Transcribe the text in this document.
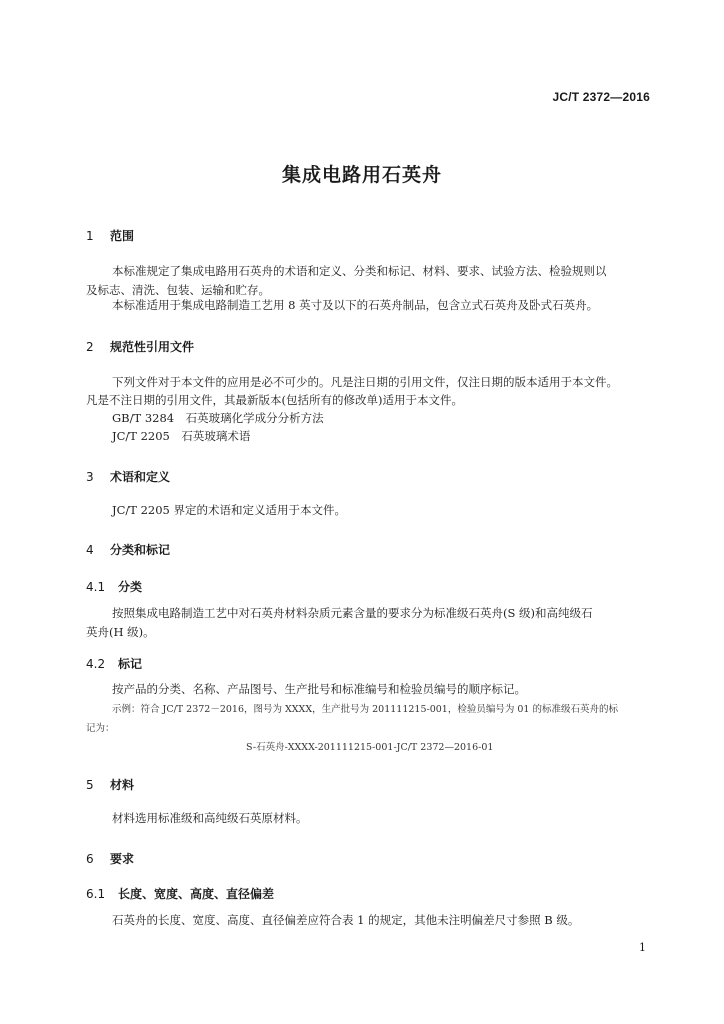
JC/T 2372—2016
集成电路用石英舟
1 范围
本标准规定了集成电路用石英舟的术语和定义、分类和标记、材料、要求、试验方法、检验规则以
及标志、清洗、包装、运输和贮存。
本标准适用于集成电路制造工艺用 8 英寸及以下的石英舟制品，包含立式石英舟及卧式石英舟。
2 规范性引用文件
下列文件对于本文件的应用是必不可少的。凡是注日期的引用文件，仅注日期的版本适用于本文件。
凡是不注日期的引用文件，其最新版本(包括所有的修改单)适用于本文件。
GB/T 3284　石英玻璃化学成分分析方法
JC/T 2205　石英玻璃术语
3 术语和定义
JC/T 2205 界定的术语和定义适用于本文件。
4 分类和标记
4.1 分类
按照集成电路制造工艺中对石英舟材料杂质元素含量的要求分为标准级石英舟(S 级)和高纯级石
英舟(H 级)。
4.2 标记
按产品的分类、名称、产品图号、生产批号和标准编号和检验员编号的顺序标记。
示例：符合 JC/T 2372－2016，图号为 XXXX，生产批号为 201111215-001，检验员编号为 01 的标准级石英舟的标
记为：
S-石英舟-XXXX-201111215-001-JC/T 2372—2016-01
5 材料
材料选用标准级和高纯级石英原材料。
6 要求
6.1 长度、宽度、高度、直径偏差
石英舟的长度、宽度、高度、直径偏差应符合表 1 的规定，其他未注明偏差尺寸参照 B 级。
1
